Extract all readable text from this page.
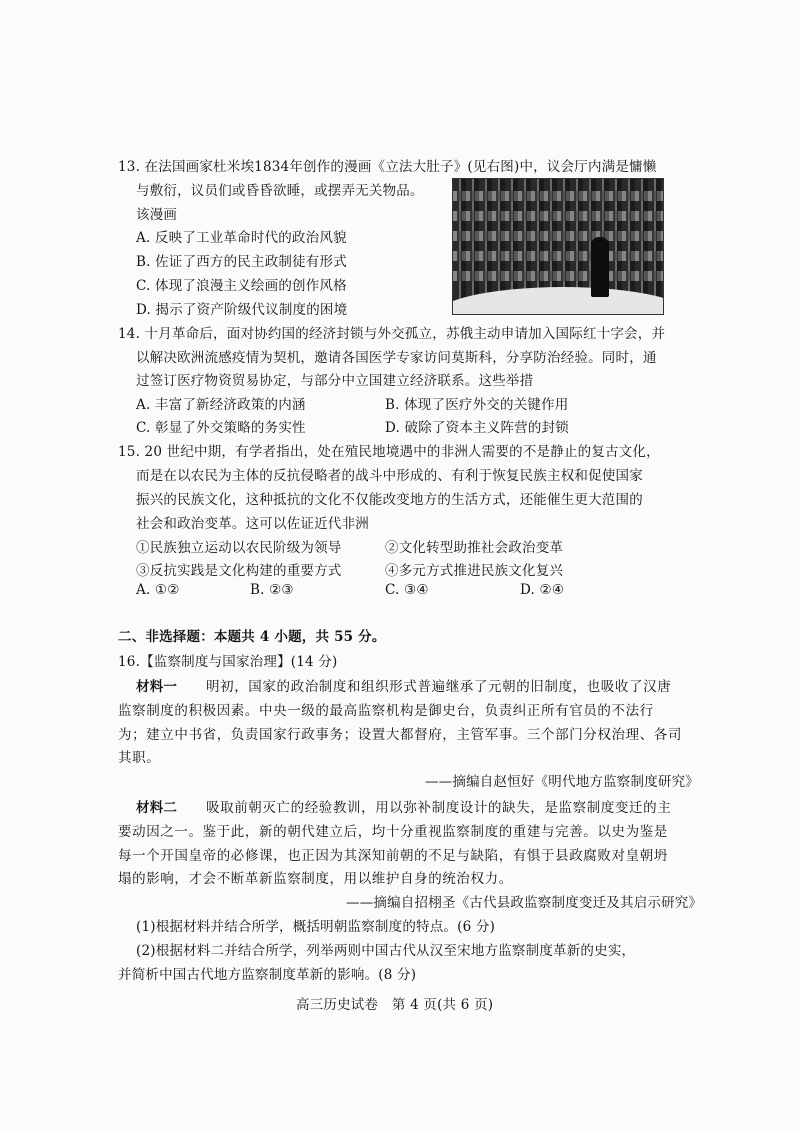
13. 在法国画家杜米埃1834年创作的漫画《立法大肚子》(见右图)中，议会厅内满是慵懒
与敷衍，议员们或昏昏欲睡，或摆弄无关物品。
该漫画
A. 反映了工业革命时代的政治风貌
B. 佐证了西方的民主政制徒有形式
C. 体现了浪漫主义绘画的创作风格
D. 揭示了资产阶级代议制度的困境
14. 十月革命后，面对协约国的经济封锁与外交孤立，苏俄主动申请加入国际红十字会，并
以解决欧洲流感疫情为契机，邀请各国医学专家访问莫斯科，分享防治经验。同时，通
过签订医疗物资贸易协定，与部分中立国建立经济联系。这些举措
A. 丰富了新经济政策的内涵	B. 体现了医疗外交的关键作用
C. 彰显了外交策略的务实性	D. 破除了资本主义阵营的封锁
15. 20 世纪中期，有学者指出，处在殖民地境遇中的非洲人需要的不是静止的复古文化，
而是在以农民为主体的反抗侵略者的战斗中形成的、有利于恢复民族主权和促使国家
振兴的民族文化，这种抵抗的文化不仅能改变地方的生活方式，还能催生更大范围的
社会和政治变革。这可以佐证近代非洲
①民族独立运动以农民阶级为领导	②文化转型助推社会政治变革
③反抗实践是文化构建的重要方式	④多元方式推进民族文化复兴
A. ①②	B. ②③	C. ③④	D. ②④
二、非选择题：本题共 4 小题，共 55 分。
16.【监察制度与国家治理】(14 分)
材料一 明初，国家的政治制度和组织形式普遍继承了元朝的旧制度，也吸收了汉唐
监察制度的积极因素。中央一级的最高监察机构是御史台，负责纠正所有官员的不法行
为；建立中书省，负责国家行政事务；设置大都督府，主管军事。三个部门分权治理、各司
其职。
——摘编自赵恒好《明代地方监察制度研究》
材料二 吸取前朝灭亡的经验教训，用以弥补制度设计的缺失，是监察制度变迁的主
要动因之一。鉴于此，新的朝代建立后，均十分重视监察制度的重建与完善。以史为鉴是
每一个开国皇帝的必修课，也正因为其深知前朝的不足与缺陷，有惧于县政腐败对皇朝坍
塌的影响，才会不断革新监察制度，用以维护自身的统治权力。
——摘编自招栩圣《古代县政监察制度变迁及其启示研究》
(1)根据材料并结合所学，概括明朝监察制度的特点。(6 分)
(2)根据材料二并结合所学，列举两则中国古代从汉至宋地方监察制度革新的史实，
并简析中国古代地方监察制度革新的影响。(8 分)
高三历史试卷　第 4 页(共 6 页)
